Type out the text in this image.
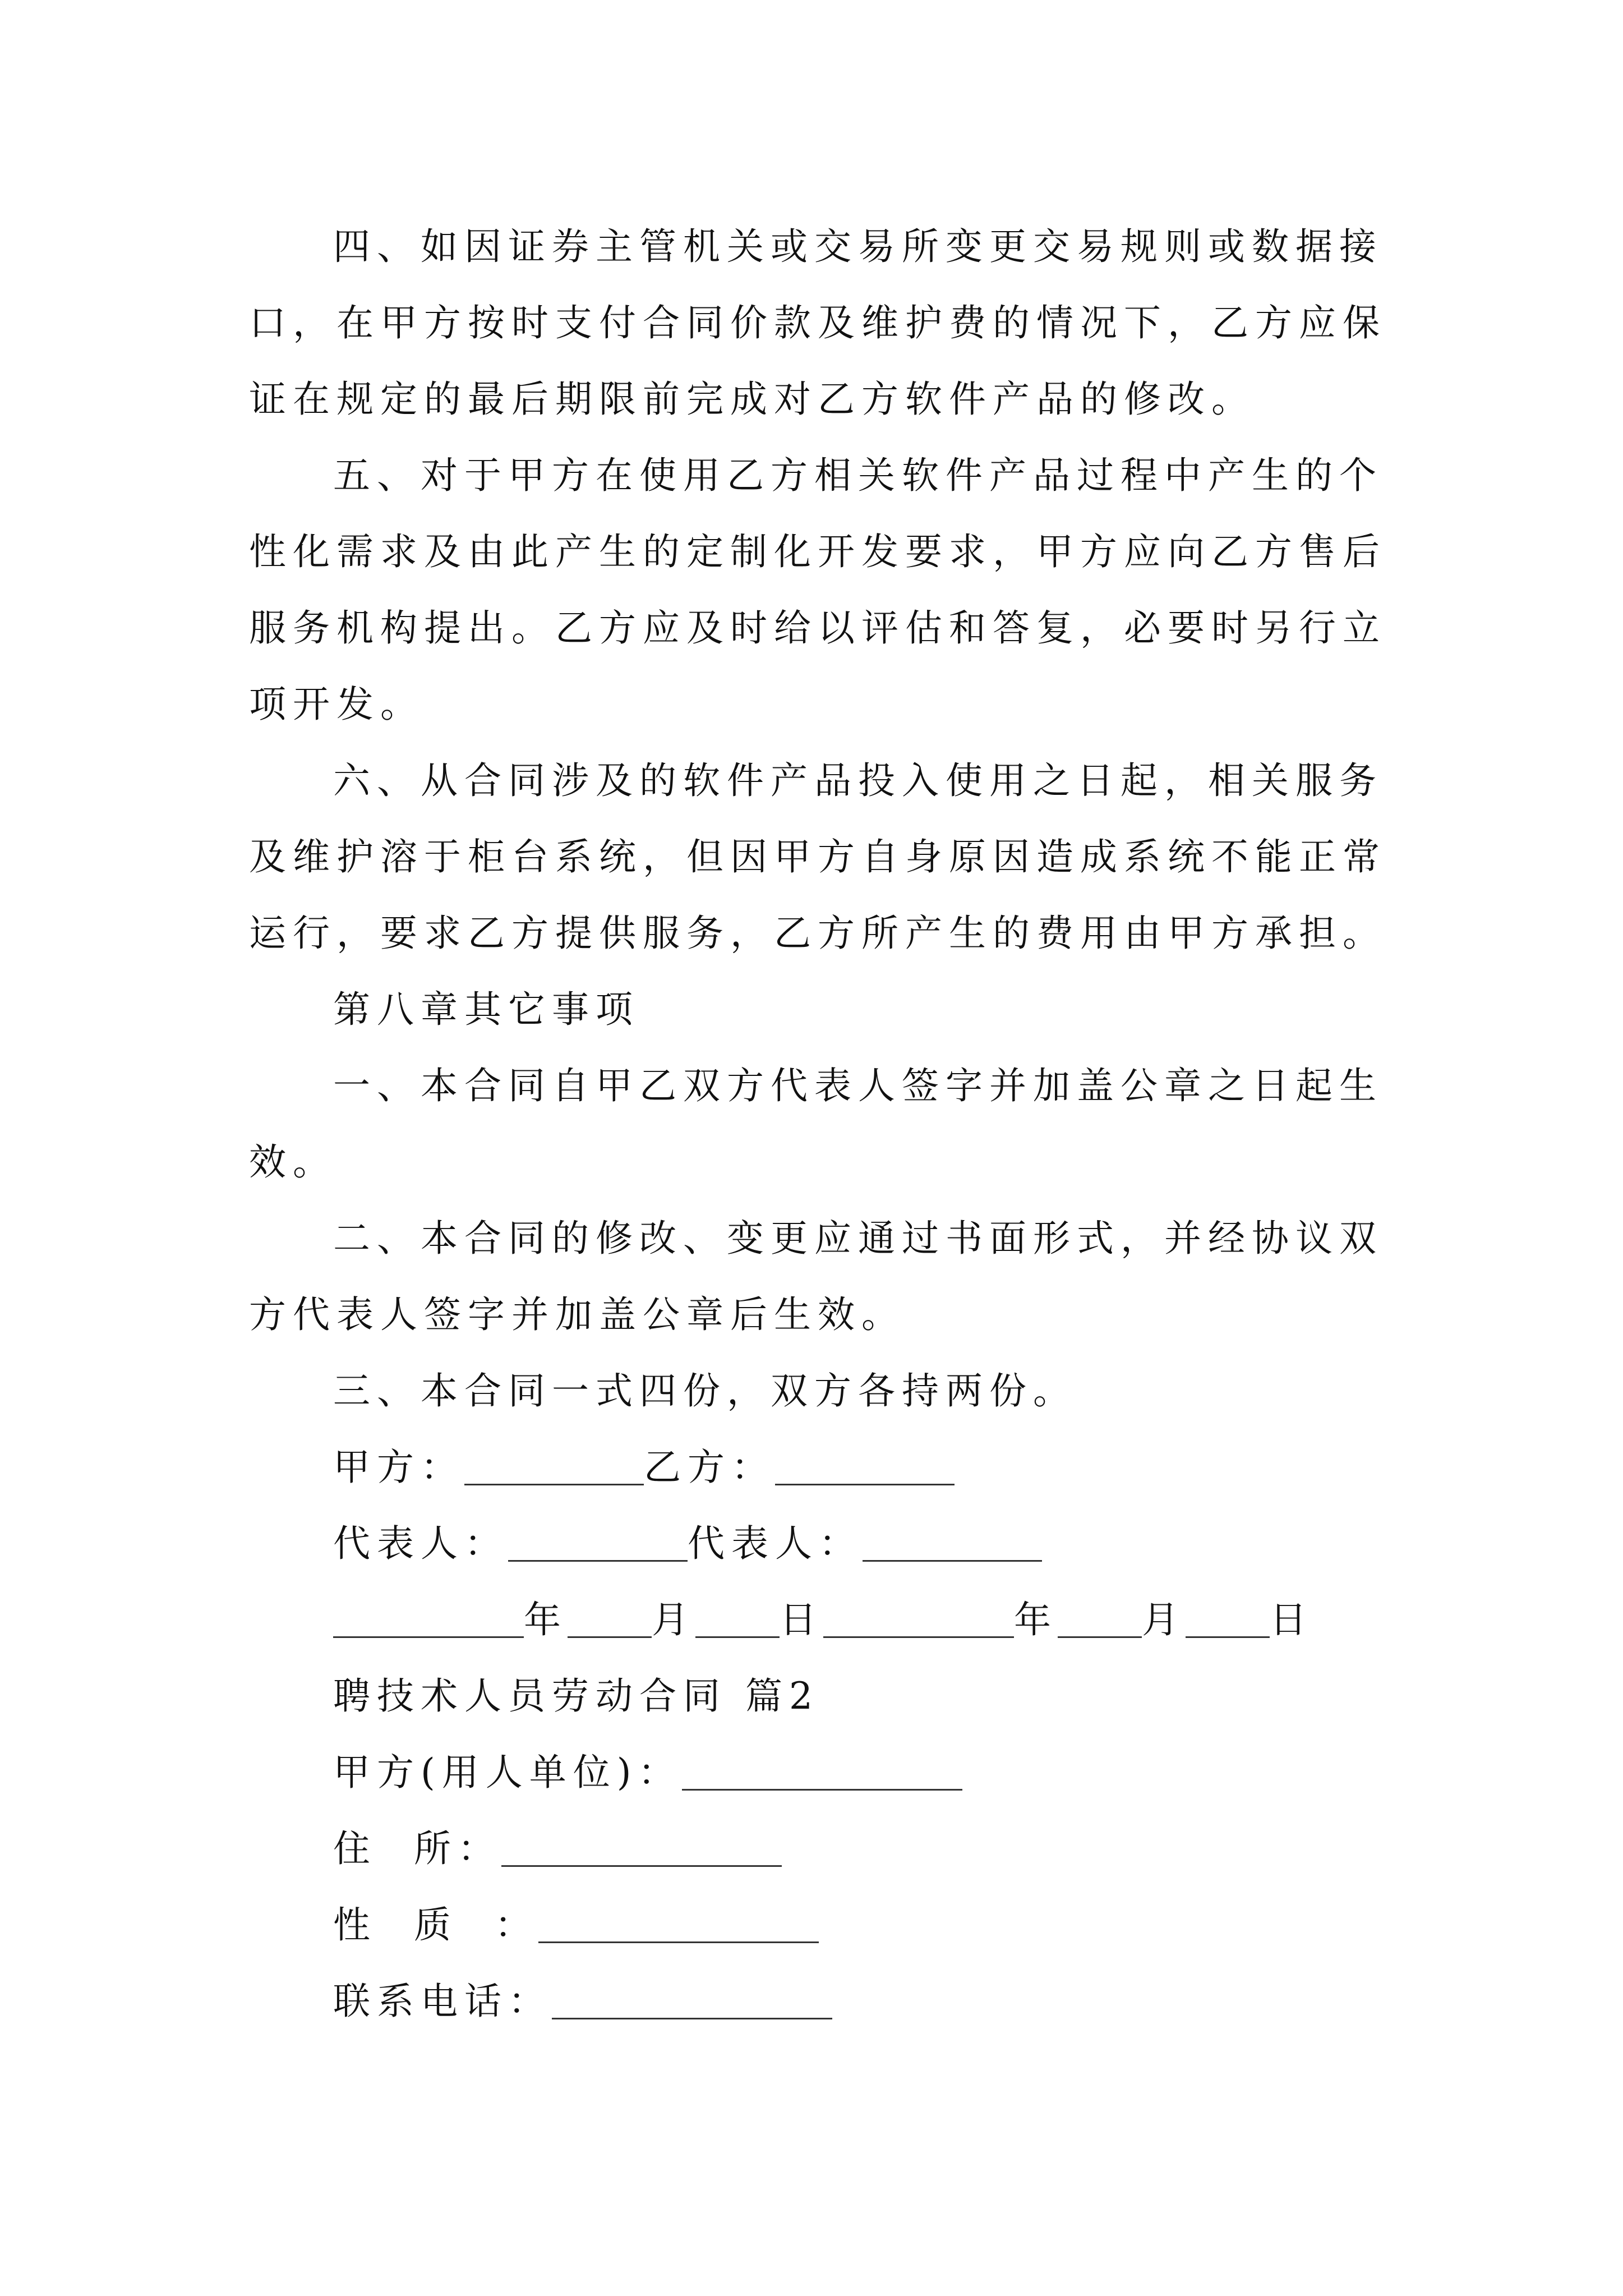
四、如因证券主管机关或交易所变更交易规则或数据接
口，在甲方按时支付合同价款及维护费的情况下，乙方应保
证在规定的最后期限前完成对乙方软件产品的修改。
五、对于甲方在使用乙方相关软件产品过程中产生的个
性化需求及由此产生的定制化开发要求，甲方应向乙方售后
服务机构提出。乙方应及时给以评估和答复，必要时另行立
项开发。
六、从合同涉及的软件产品投入使用之日起，相关服务
及维护溶于柜台系统，但因甲方自身原因造成系统不能正常
运行，要求乙方提供服务，乙方所产生的费用由甲方承担。
第八章其它事项
一、本合同自甲乙双方代表人签字并加盖公章之日起生
效。
二、本合同的修改、变更应通过书面形式，并经协议双
方代表人签字并加盖公章后生效。
三、本合同一式四份，双方各持两份。
甲方：	乙方：
代表人：	代表人：
年 月 日	年 月 日
聘技术人员劳动合同 篇2
甲方(用人单位)：
住  所：
性  质  ：
联系电话：
